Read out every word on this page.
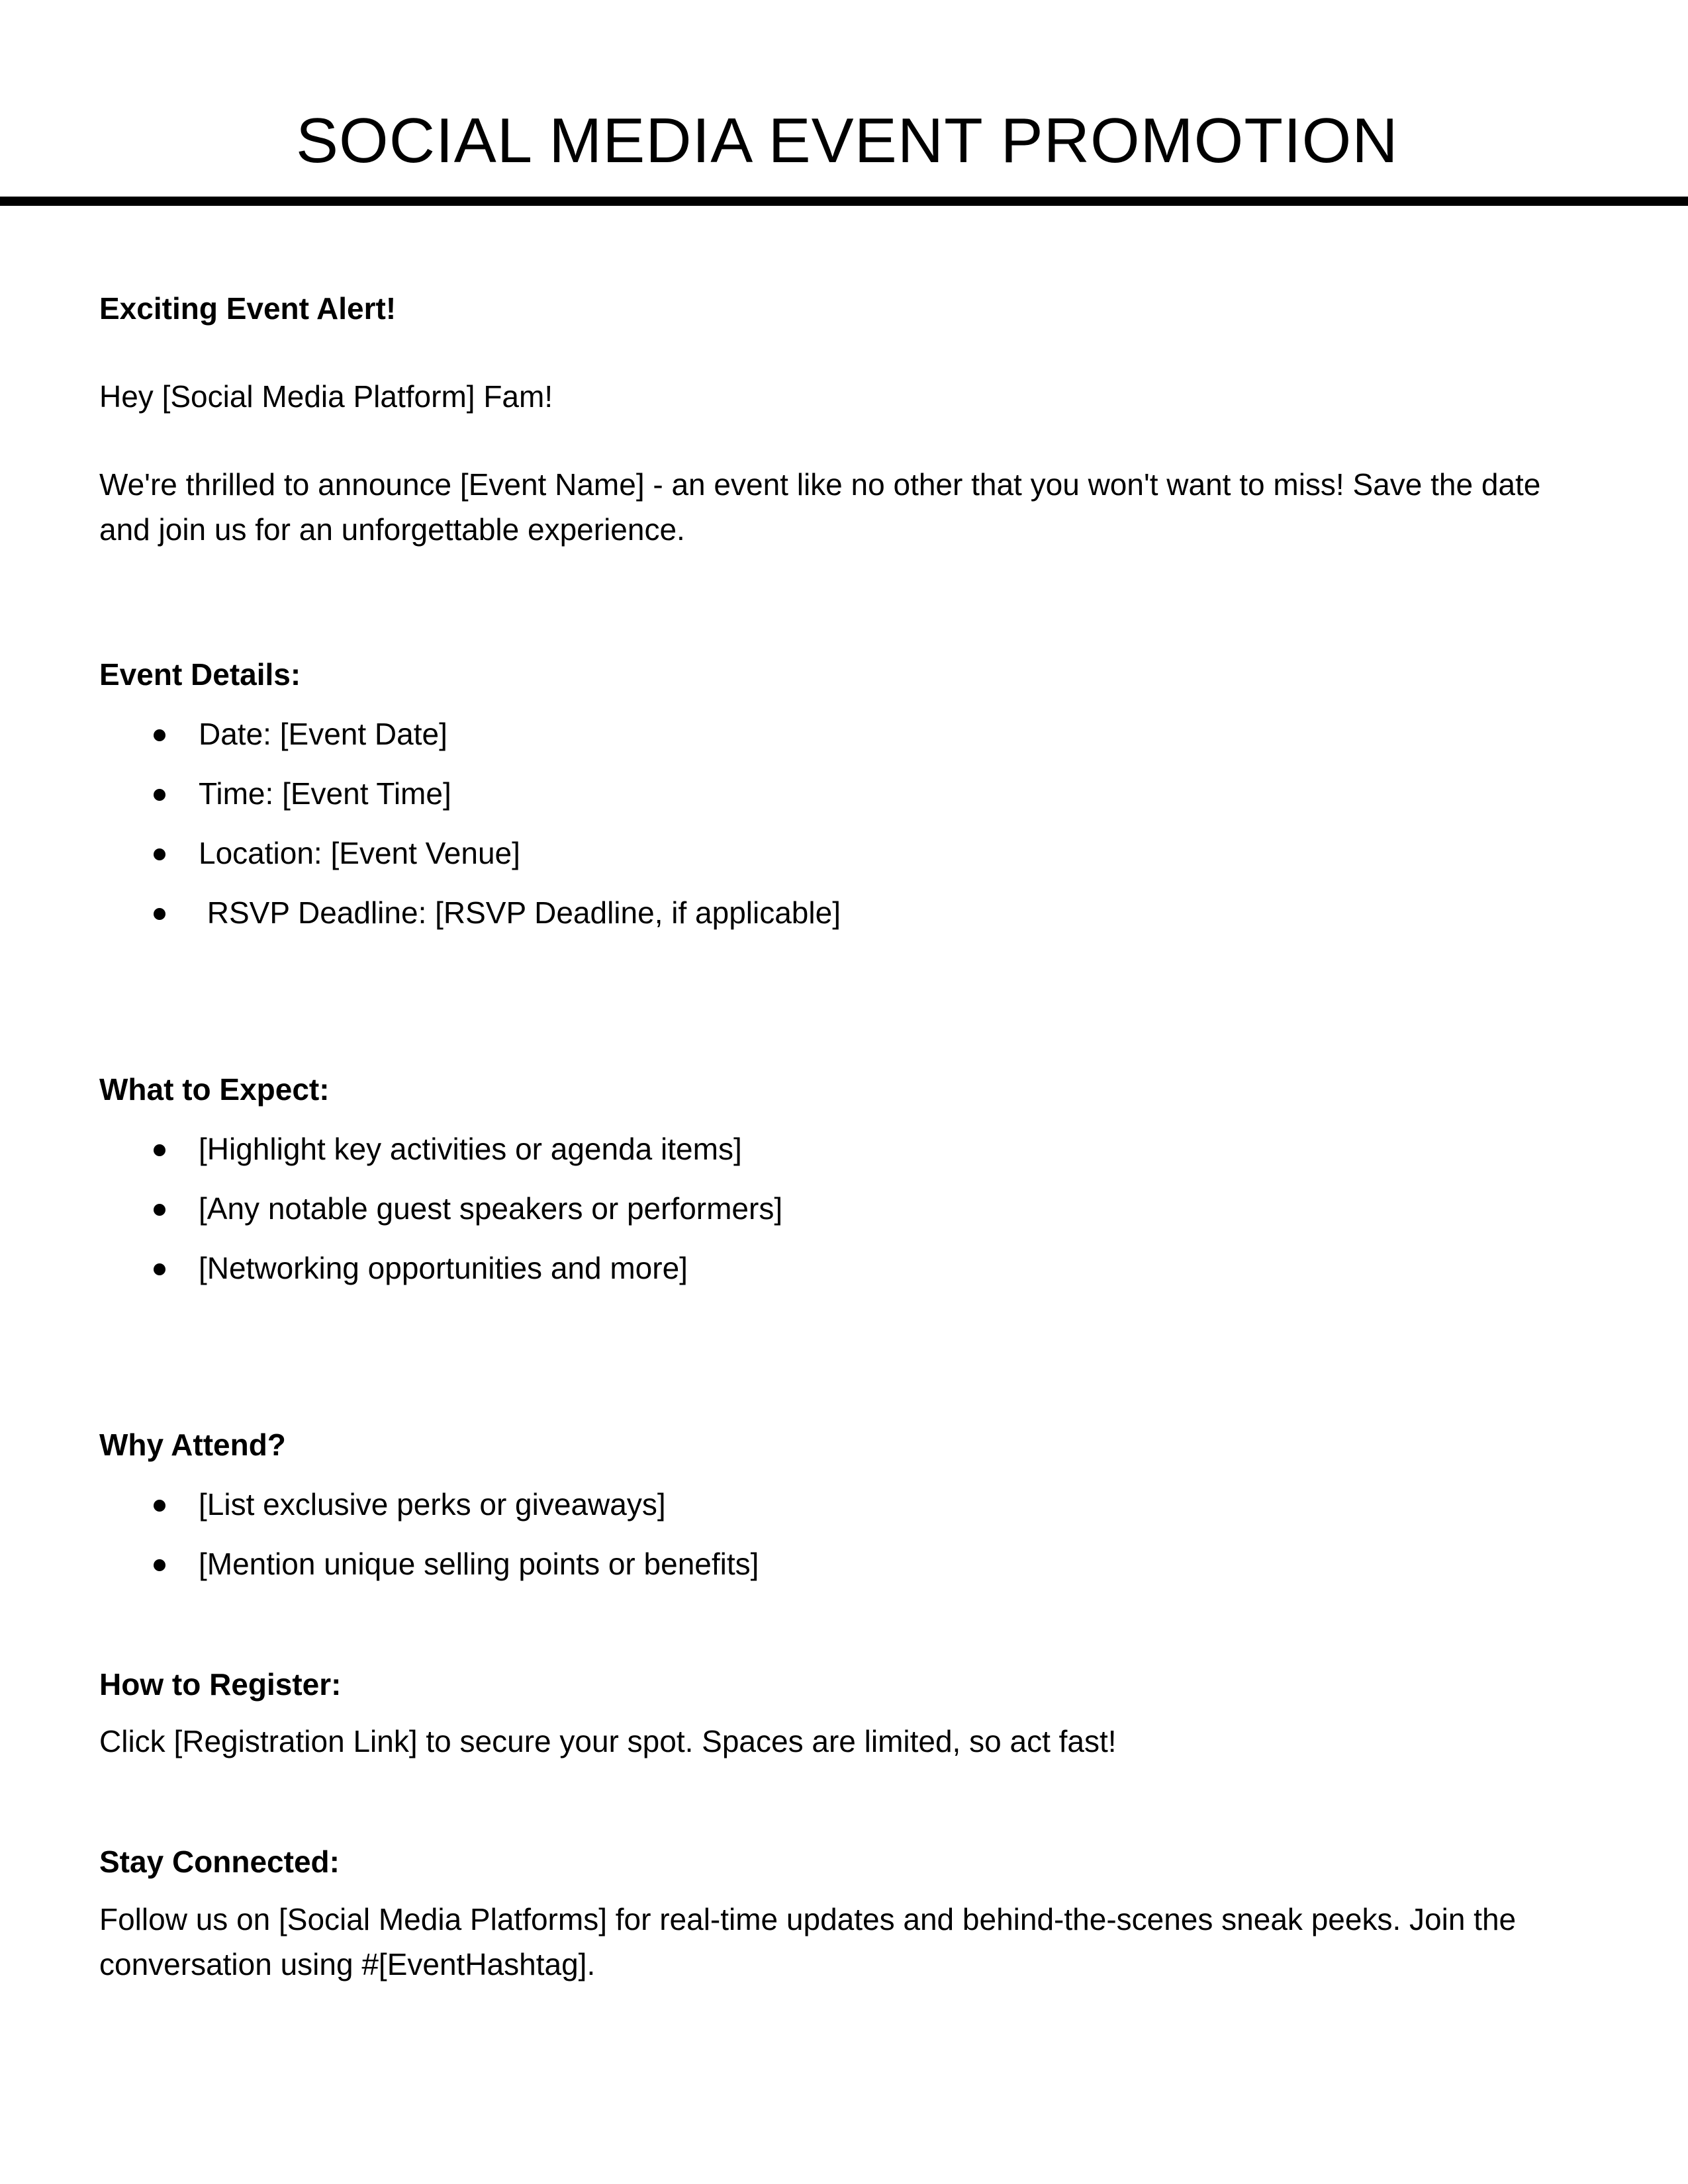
SOCIAL MEDIA EVENT PROMOTION
Exciting Event Alert!

Hey [Social Media Platform] Fam!

We're thrilled to announce [Event Name] - an event like no other that you won't want to miss! Save the date and join us for an unforgettable experience.

Event Details:
Date: [Event Date]
Time: [Event Time]
Location: [Event Venue]
RSVP Deadline: [RSVP Deadline, if applicable]
What to Expect:
[Highlight key activities or agenda items]
[Any notable guest speakers or performers]
[Networking opportunities and more]
Why Attend?
[List exclusive perks or giveaways]
[Mention unique selling points or benefits]
How to Register:

Click [Registration Link] to secure your spot. Spaces are limited, so act fast!

Stay Connected:

Follow us on [Social Media Platforms] for real-time updates and behind-the-scenes sneak peeks. Join the conversation using #[EventHashtag].
